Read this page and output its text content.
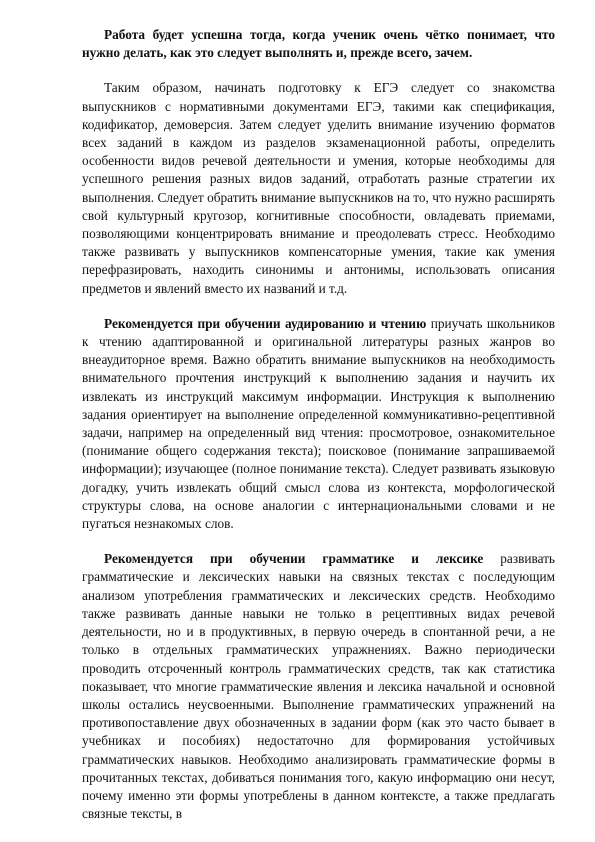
Работа будет успешна тогда, когда ученик очень чётко понимает, что нужно делать, как это следует выполнять и, прежде всего, зачем.

Таким образом, начинать подготовку к ЕГЭ следует со знакомства выпускников с нормативными документами ЕГЭ, такими как спецификация, кодификатор, демоверсия. Затем следует уделить внимание изучению форматов всех заданий в каждом из разделов экзаменационной работы, определить особенности видов речевой деятельности и умения, которые необходимы для успешного решения разных видов заданий, отработать разные стратегии их выполнения. Следует обратить внимание выпускников на то, что нужно расширять свой культурный кругозор, когнитивные способности, овладевать приемами, позволяющими концентрировать внимание и преодолевать стресс. Необходимо также развивать у выпускников компенсаторные умения, такие как умения перефразировать, находить синонимы и антонимы, использовать описания предметов и явлений вместо их названий и т.д.

Рекомендуется при обучении аудированию и чтению приучать школьников к чтению адаптированной и оригинальной литературы разных жанров во внеаудиторное время. Важно обратить внимание выпускников на необходимость внимательного прочтения инструкций к выполнению задания и научить их извлекать из инструкций максимум информации. Инструкция к выполнению задания ориентирует на выполнение определенной коммуникативно-рецептивной задачи, например на определенный вид чтения: просмотровое, ознакомительное (понимание общего содержания текста); поисковое (понимание запрашиваемой информации); изучающее (полное понимание текста). Следует развивать языковую догадку, учить извлекать общий смысл слова из контекста, морфологической структуры слова, на основе аналогии с интернациональными словами и не пугаться незнакомых слов.

Рекомендуется при обучении грамматике и лексике развивать грамматические и лексических навыки на связных текстах с последующим анализом употребления грамматических и лексических средств. Необходимо также развивать данные навыки не только в рецептивных видах речевой деятельности, но и в продуктивных, в первую очередь в спонтанной речи, а не только в отдельных грамматических упражнениях. Важно периодически проводить отсроченный контроль грамматических средств, так как статистика показывает, что многие грамматические явления и лексика начальной и основной школы остались неусвоенными. Выполнение грамматических упражнений на противопоставление двух обозначенных в задании форм (как это часто бывает в учебниках и пособиях) недостаточно для формирования устойчивых грамматических навыков. Необходимо анализировать грамматические формы в прочитанных текстах, добиваться понимания того, какую информацию они несут, почему именно эти формы употреблены в данном контексте, а также предлагать связные тексты, в
